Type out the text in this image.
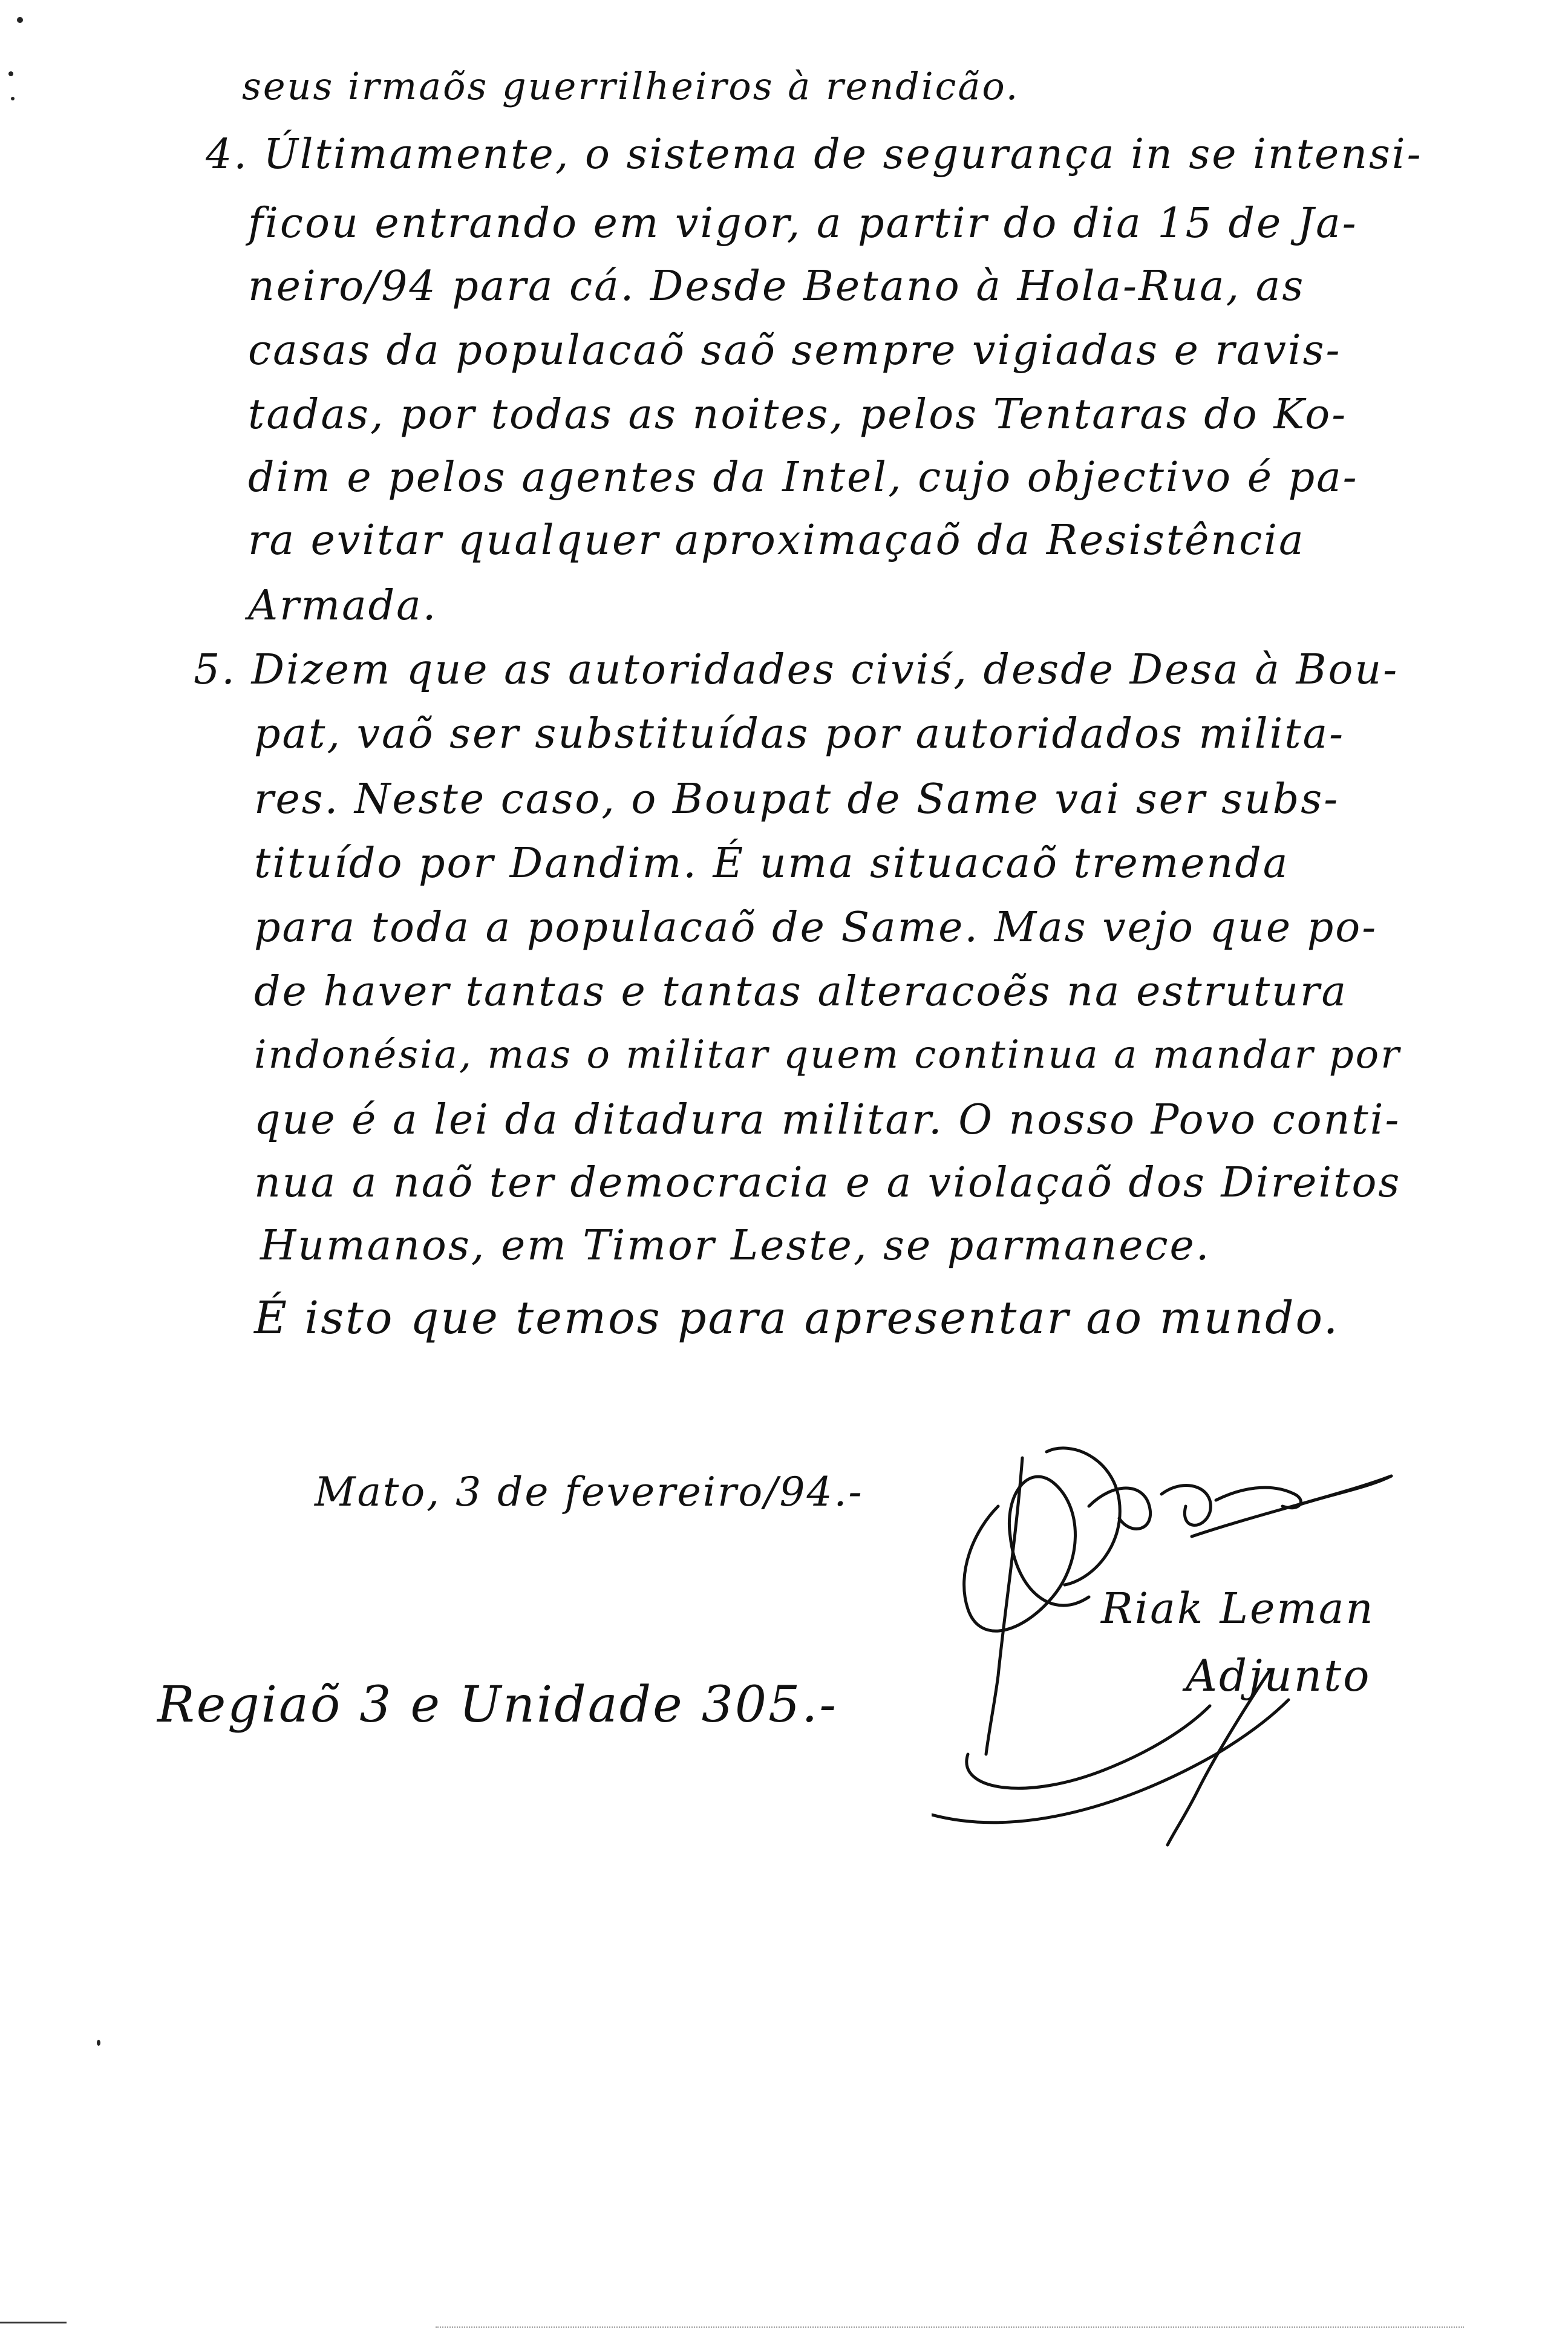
seus irmaõs guerrilheiros à rendicão.
4. Últimamente, o sistema de segurança in se intensi-
ficou entrando em vigor, a partir do dia 15 de Ja-
neiro/94 para cá. Desde Betano à Hola-Rua, as
casas da populacaõ saõ sempre vigiadas e ravis-
tadas, por todas as noites, pelos Tentaras do Ko-
dim e pelos agentes da Intel, cujo objectivo é pa-
ra evitar qualquer aproximaçaõ da Resistência
Armada.
5. Dizem que as autoridades civiś, desde Desa à Bou-
pat, vaõ ser substituídas por autoridados milita-
res. Neste caso, o Boupat de Same vai ser subs-
tituído por Dandim. É uma situacaõ tremenda
para toda a populacaõ de Same. Mas vejo que po-
de haver tantas e tantas alteracoẽs na estrutura
indonésia, mas o militar quem continua a mandar por
que é a lei da ditadura militar. O nosso Povo conti-
nua a naõ ter democracia e a violaçaõ dos Direitos
Humanos, em Timor Leste, se parmanece.
É isto que temos para apresentar ao mundo.
Mato, 3 de fevereiro/94.-
Regiaõ 3 e Unidade 305.-
Riak Leman
Adjunto
